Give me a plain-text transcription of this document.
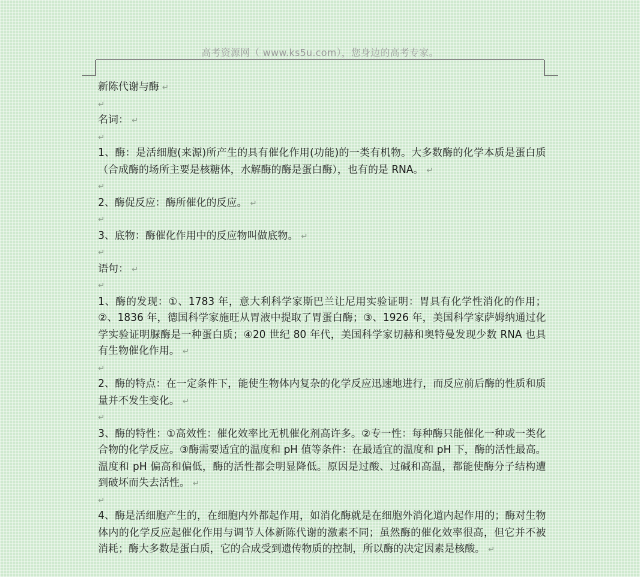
高考资源网（ www.ks5u.com），您身边的高考专家。
新陈代谢与酶 ↵
↵
名词： ↵
↵
1、酶：是活细胞(来源)所产生的具有催化作用(功能)的一类有机物。大多数酶的化学本质是蛋白质（合成酶的场所主要是核糖体，水解酶的酶是蛋白酶），也有的是 RNA。 ↵
↵
2、酶促反应：酶所催化的反应。 ↵
↵
3、底物：酶催化作用中的反应物叫做底物。 ↵
↵
语句： ↵
↵
1、酶的发现：①、1783 年，意大利科学家斯巴兰让尼用实验证明：胃具有化学性消化的作用；②、1836 年，德国科学家施旺从胃液中提取了胃蛋白酶；③、1926 年，美国科学家萨姆纳通过化学实验证明脲酶是一种蛋白质；④20 世纪 80 年代，美国科学家切赫和奥特曼发现少数 RNA 也具有生物催化作用。 ↵
↵
2、酶的特点：在一定条件下，能使生物体内复杂的化学反应迅速地进行，而反应前后酶的性质和质量并不发生变化。 ↵
↵
3、酶的特性：①高效性：催化效率比无机催化剂高许多。②专一性：每种酶只能催化一种或一类化合物的化学反应。③酶需要适宜的温度和 pH 值等条件：在最适宜的温度和 pH 下，酶的活性最高。温度和 pH 偏高和偏低，酶的活性都会明显降低。原因是过酸、过碱和高温，都能使酶分子结构遭到破坏而失去活性。 ↵
↵
4、酶是活细胞产生的，在细胞内外都起作用，如消化酶就是在细胞外消化道内起作用的；酶对生物体内的化学反应起催化作用与调节人体新陈代谢的激素不同；虽然酶的催化效率很高，但它并不被消耗；酶大多数是蛋白质，它的合成受到遗传物质的控制，所以酶的决定因素是核酸。 ↵
